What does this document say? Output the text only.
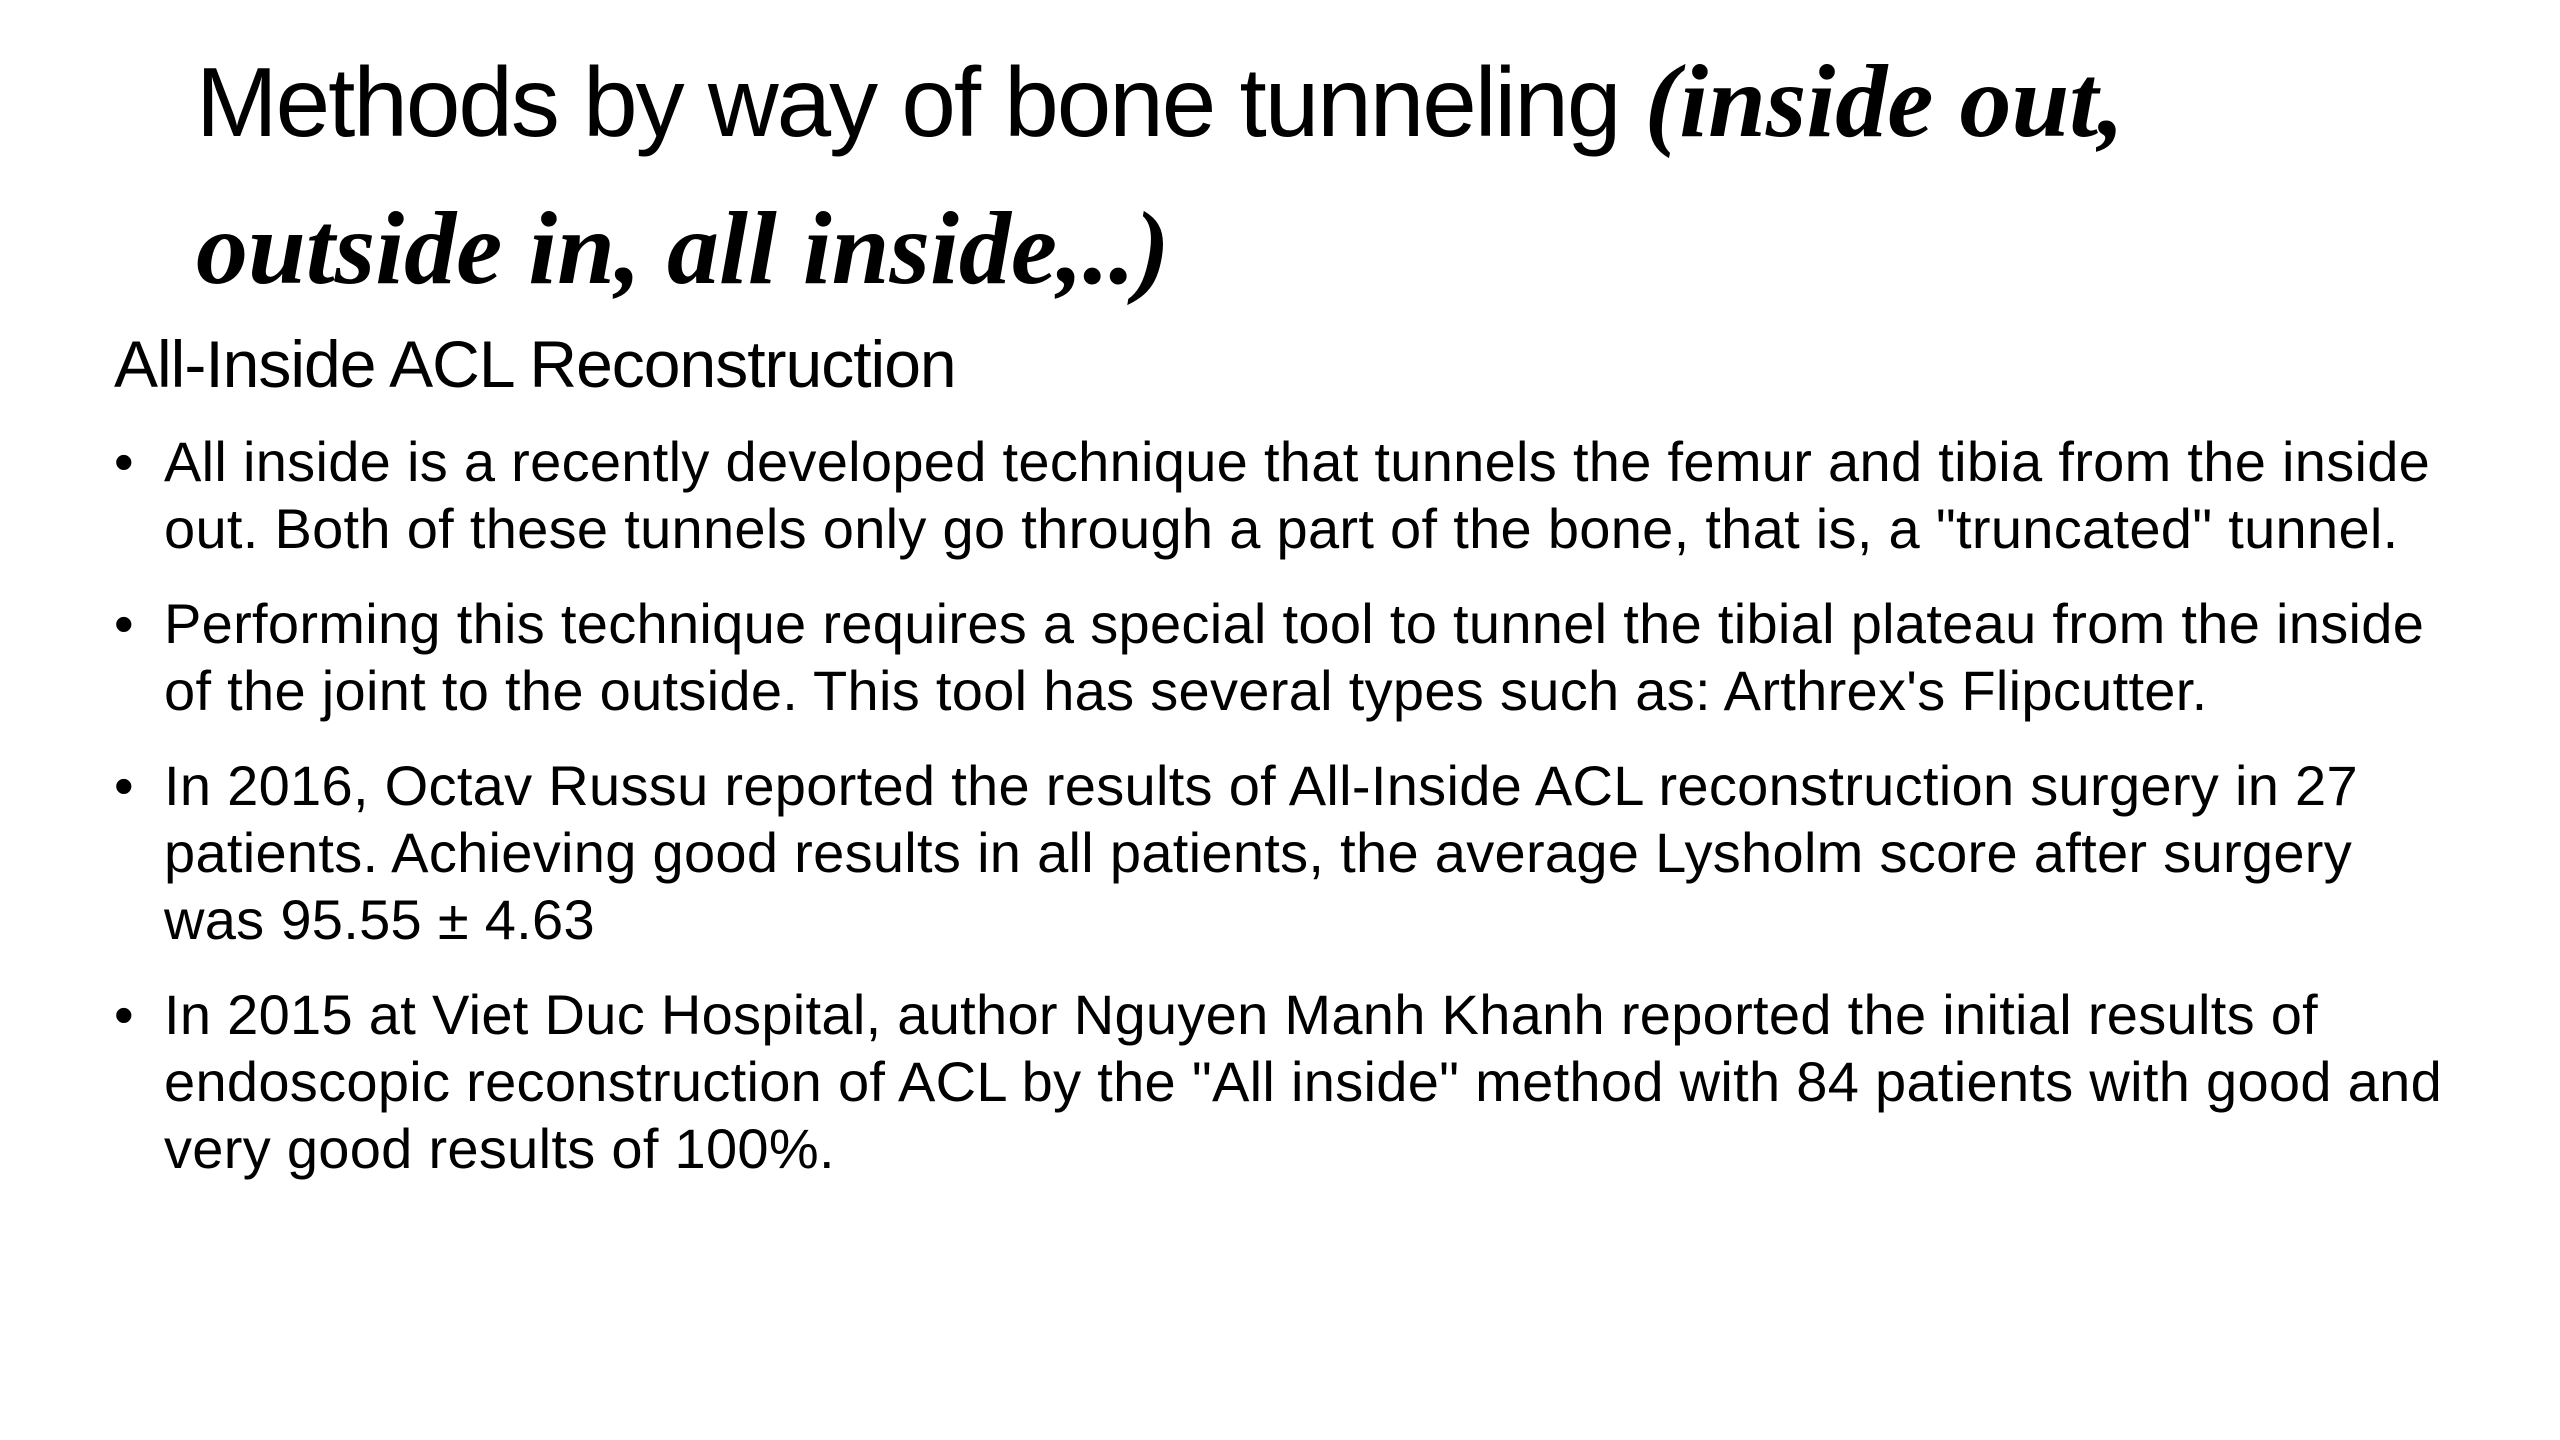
Methods by way of bone tunneling (inside out, outside in, all inside,..)
All-Inside ACL Reconstruction
• All inside is a recently developed technique that tunnels the femur and tibia from the inside out. Both of these tunnels only go through a part of the bone, that is, a "truncated" tunnel.
• Performing this technique requires a special tool to tunnel the tibial plateau from the inside of the joint to the outside. This tool has several types such as: Arthrex's Flipcutter.
• In 2016, Octav Russu reported the results of All-Inside ACL reconstruction surgery in 27 patients. Achieving good results in all patients, the average Lysholm score after surgery was 95.55 ± 4.63
• In 2015 at Viet Duc Hospital, author Nguyen Manh Khanh reported the initial results of endoscopic reconstruction of ACL by the "All inside" method with 84 patients with good and very good results of 100%.
